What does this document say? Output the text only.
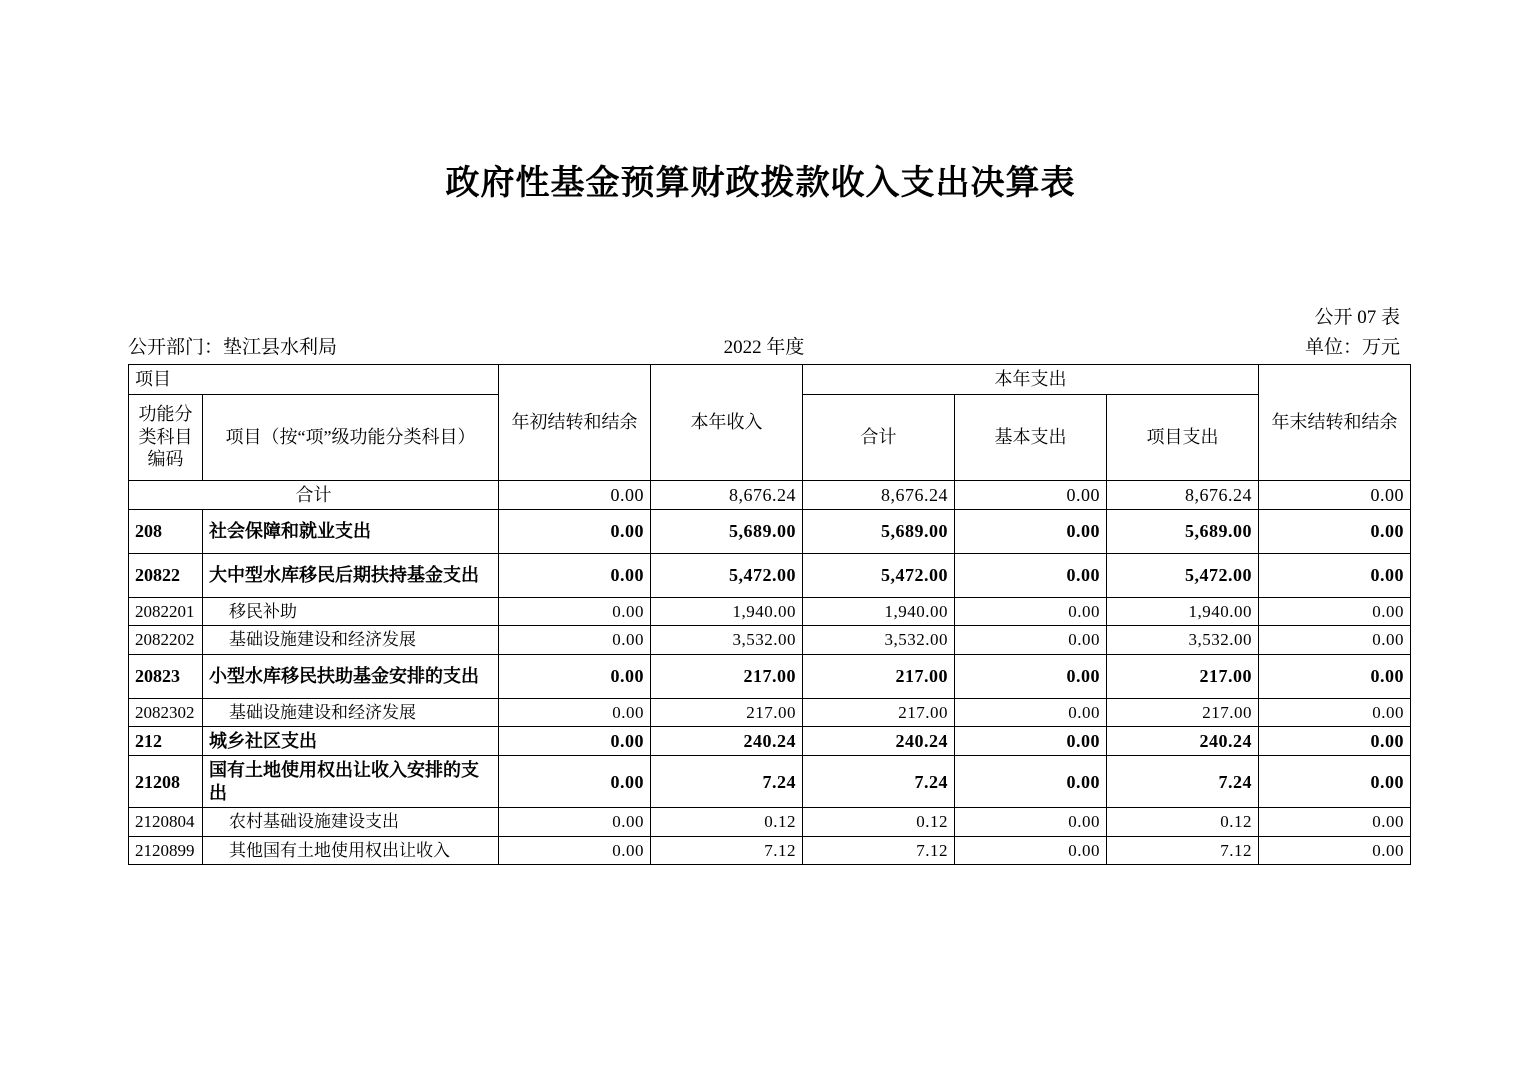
政府性基金预算财政拨款收入支出决算表
公开 07 表
公开部门：垫江县水利局	2022 年度	单位：万元
项目		年初结转和结余	本年收入	本年支出			年末结转和结余
功能分类科目编码	项目（按“项”级功能分类科目）			合计	基本支出	项目支出	
合计		0.00	8,676.24	8,676.24	0.00	8,676.24	0.00
208	社会保障和就业支出	0.00	5,689.00	5,689.00	0.00	5,689.00	0.00
20822	大中型水库移民后期扶持基金支出	0.00	5,472.00	5,472.00	0.00	5,472.00	0.00
2082201	移民补助	0.00	1,940.00	1,940.00	0.00	1,940.00	0.00
2082202	基础设施建设和经济发展	0.00	3,532.00	3,532.00	0.00	3,532.00	0.00
20823	小型水库移民扶助基金安排的支出	0.00	217.00	217.00	0.00	217.00	0.00
2082302	基础设施建设和经济发展	0.00	217.00	217.00	0.00	217.00	0.00
212	城乡社区支出	0.00	240.24	240.24	0.00	240.24	0.00
21208	国有土地使用权出让收入安排的支出	0.00	7.24	7.24	0.00	7.24	0.00
2120804	农村基础设施建设支出	0.00	0.12	0.12	0.00	0.12	0.00
2120899	其他国有土地使用权出让收入	0.00	7.12	7.12	0.00	7.12	0.00
